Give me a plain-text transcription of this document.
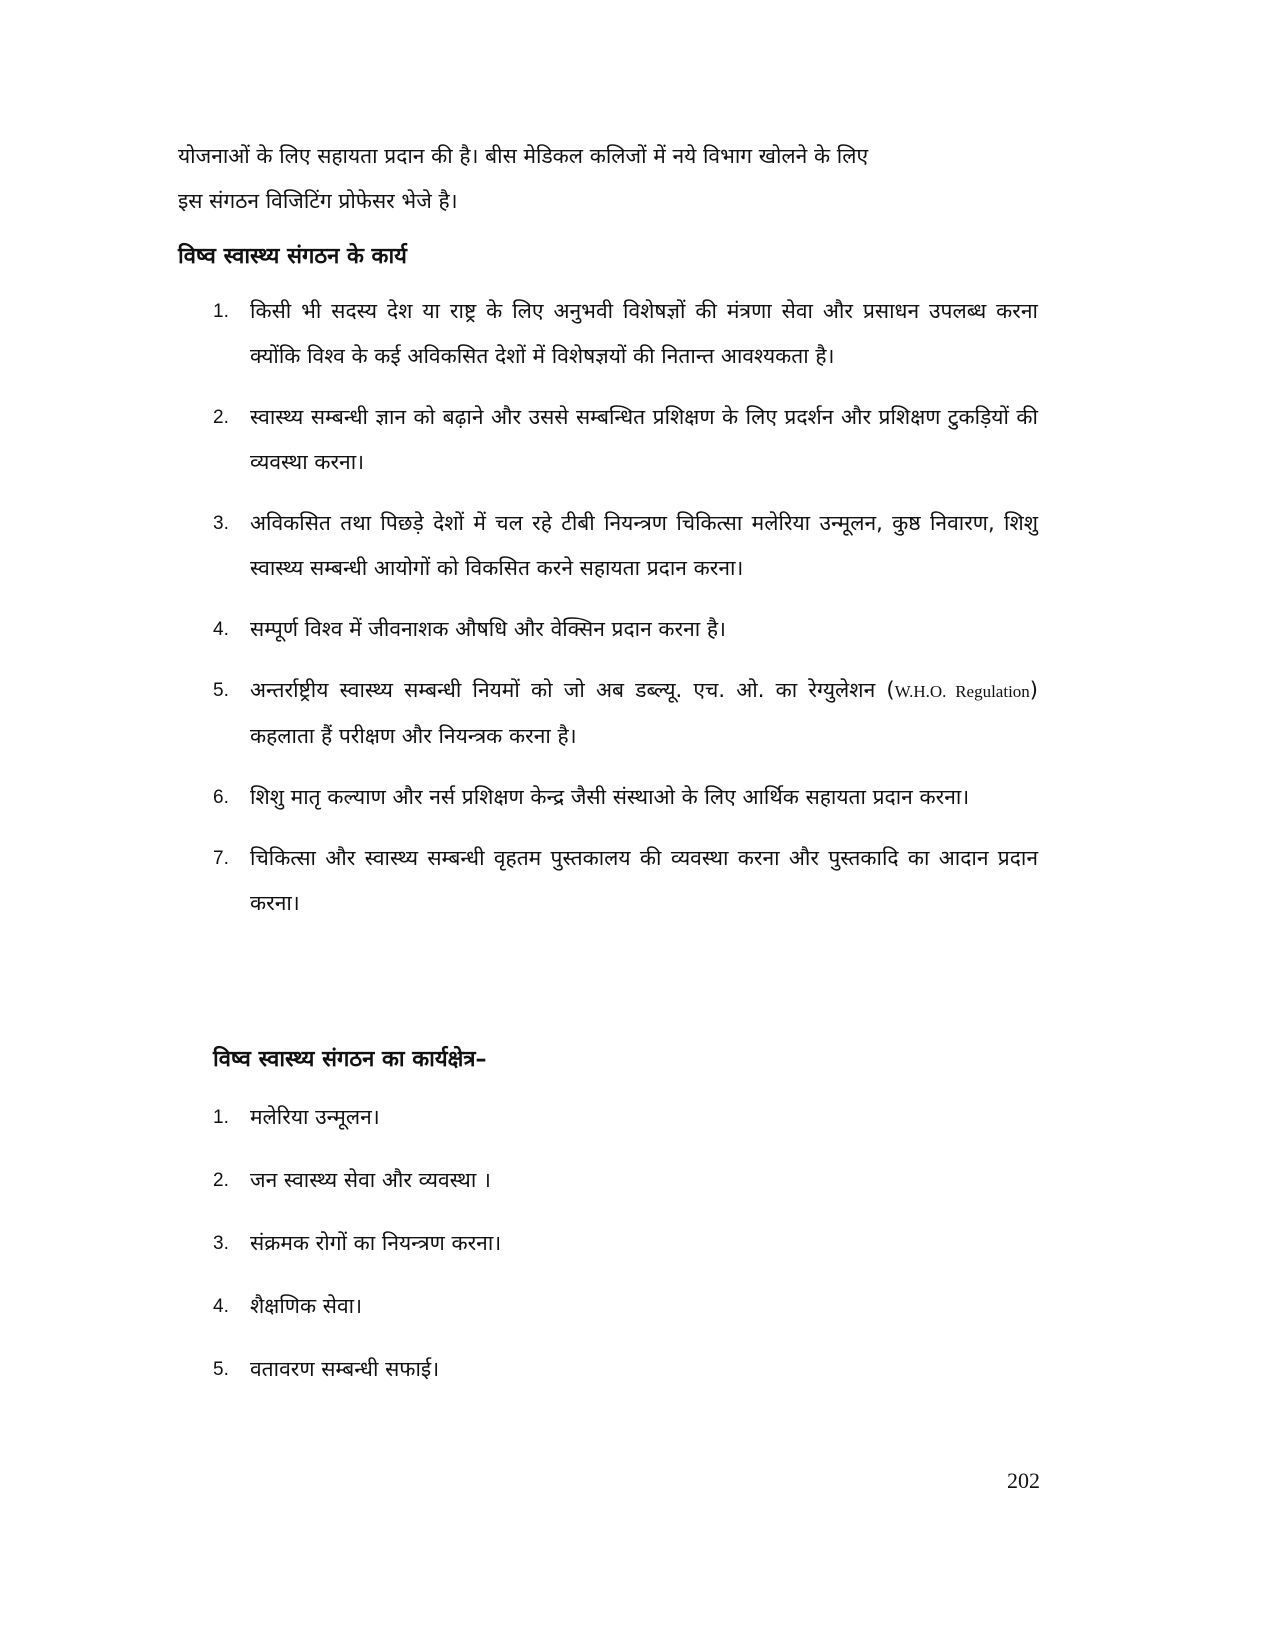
योजनाओं के लिए सहायता प्रदान की है। बीस मेडिकल कलिजों में नये विभाग खोलने के लिए
इस संगठन विजिटिंग प्रोफेसर भेजे है।

विष्व स्वास्थ्य संगठन के कार्य
1. किसी भी सदस्य देश या राष्ट्र के लिए अनुभवी विशेषज्ञों की मंत्रणा सेवा और प्रसाधन उपलब्ध करना क्योंकि विश्व के कई अविकसित देशों में विशेषज्ञयों की नितान्त आवश्यकता है।
2. स्वास्थ्य सम्बन्धी ज्ञान को बढ़ाने और उससे सम्बन्धित प्रशिक्षण के लिए प्रदर्शन और प्रशिक्षण टुकड़ियों की व्यवस्था करना।
3. अविकसित तथा पिछड़े देशों में चल रहे टीबी नियन्त्रण चिकित्सा मलेरिया उन्मूलन, कुष्ठ निवारण, शिशु स्वास्थ्य सम्बन्धी आयोगों को विकसित करने सहायता प्रदान करना।
4. सम्पूर्ण विश्व में जीवनाशक औषधि और वेक्सिन प्रदान करना है।
5. अन्तर्राष्ट्रीय स्वास्थ्य सम्बन्धी नियमों को जो अब डब्ल्यू. एच. ओ. का रेग्युलेशन (W.H.O. Regulation) कहलाता हैं परीक्षण और नियन्त्रक करना है।
6. शिशु मातृ कल्याण और नर्स प्रशिक्षण केन्द्र जैसी संस्थाओ के लिए आर्थिक सहायता प्रदान करना।
7. चिकित्सा और स्वास्थ्य सम्बन्धी वृहतम पुस्तकालय की व्यवस्था करना और पुस्तकादि का आदान प्रदान करना।
विष्व स्वास्थ्य संगठन का कार्यक्षेत्र–
1. मलेरिया उन्मूलन।
2. जन स्वास्थ्य सेवा और व्यवस्था ।
3. संक्रमक रोगों का नियन्त्रण करना।
4. शैक्षणिक सेवा।
5. वतावरण सम्बन्धी सफाई।
202
